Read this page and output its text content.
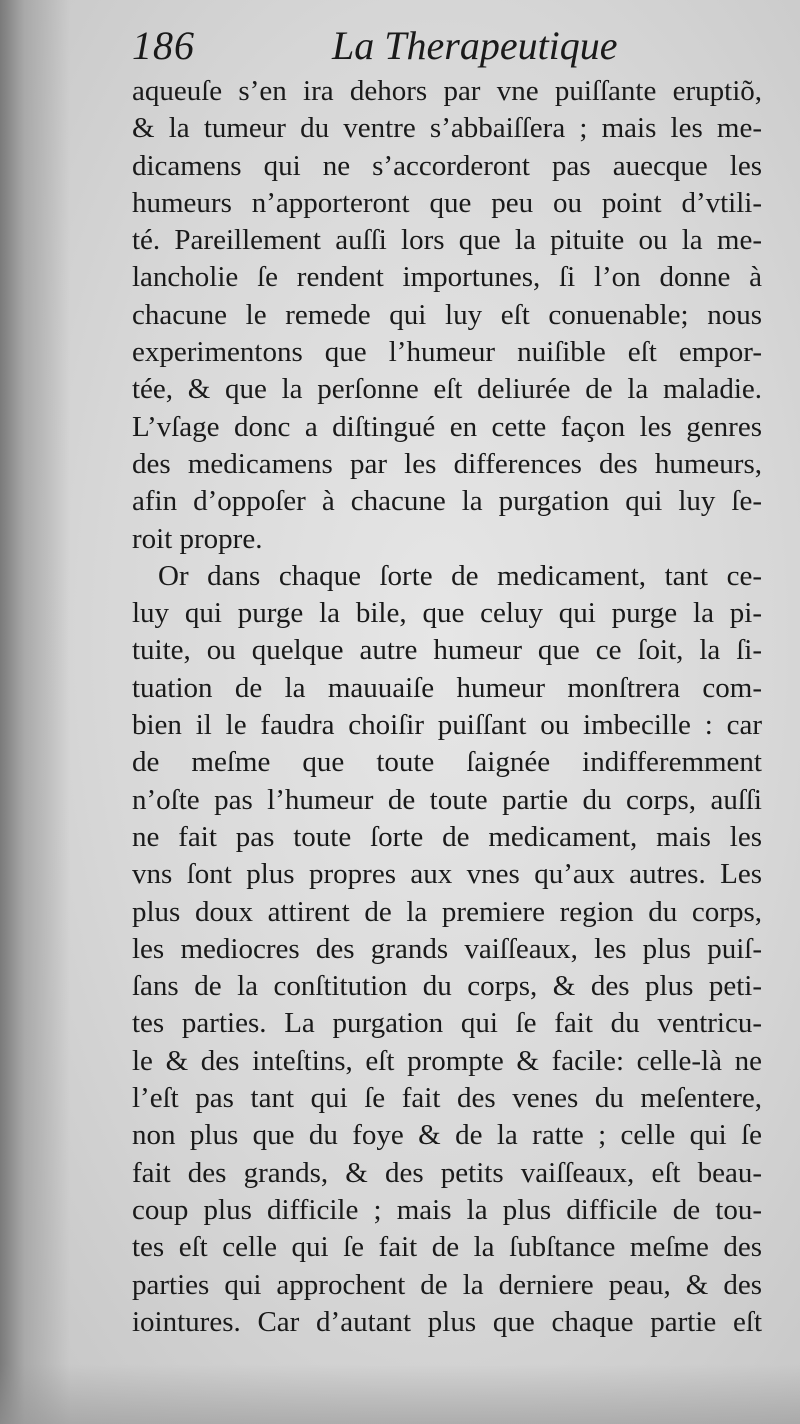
186	La Therapeutique
aqueuſe s’en ira dehors par vne puiſſante eruptiõ,
& la tumeur du ventre s’abbaiſſera ; mais les me-
dicamens qui ne s’accorderont pas auecque les
humeurs n’apporteront que peu ou point d’vtili-
té. Pareillement auſſi lors que la pituite ou la me-
lancholie ſe rendent importunes, ſi l’on donne à
chacune le remede qui luy eſt conuenable; nous
experimentons que l’humeur nuiſible eſt empor-
tée, & que la perſonne eſt deliurée de la maladie.
L’vſage donc a diſtingué en cette façon les genres
des medicamens par les differences des humeurs,
afin d’oppoſer à chacune la purgation qui luy ſe-
roit propre.
Or dans chaque ſorte de medicament, tant ce-
luy qui purge la bile, que celuy qui purge la pi-
tuite, ou quelque autre humeur que ce ſoit, la ſi-
tuation de la mauuaiſe humeur monſtrera com-
bien il le faudra choiſir puiſſant ou imbecille : car
de meſme que toute ſaignée indifferemment
n’oſte pas l’humeur de toute partie du corps, auſſi
ne fait pas toute ſorte de medicament, mais les
vns ſont plus propres aux vnes qu’aux autres. Les
plus doux attirent de la premiere region du corps,
les mediocres des grands vaiſſeaux, les plus puiſ-
ſans de la conſtitution du corps, & des plus peti-
tes parties. La purgation qui ſe fait du ventricu-
le & des inteſtins, eſt prompte & facile: celle-là ne
l’eſt pas tant qui ſe fait des venes du meſentere,
non plus que du foye & de la ratte ; celle qui ſe
fait des grands, & des petits vaiſſeaux, eſt beau-
coup plus difficile ; mais la plus difficile de tou-
tes eſt celle qui ſe fait de la ſubſtance meſme des
parties qui approchent de la derniere peau, & des
iointures. Car d’autant plus que chaque partie eſt
